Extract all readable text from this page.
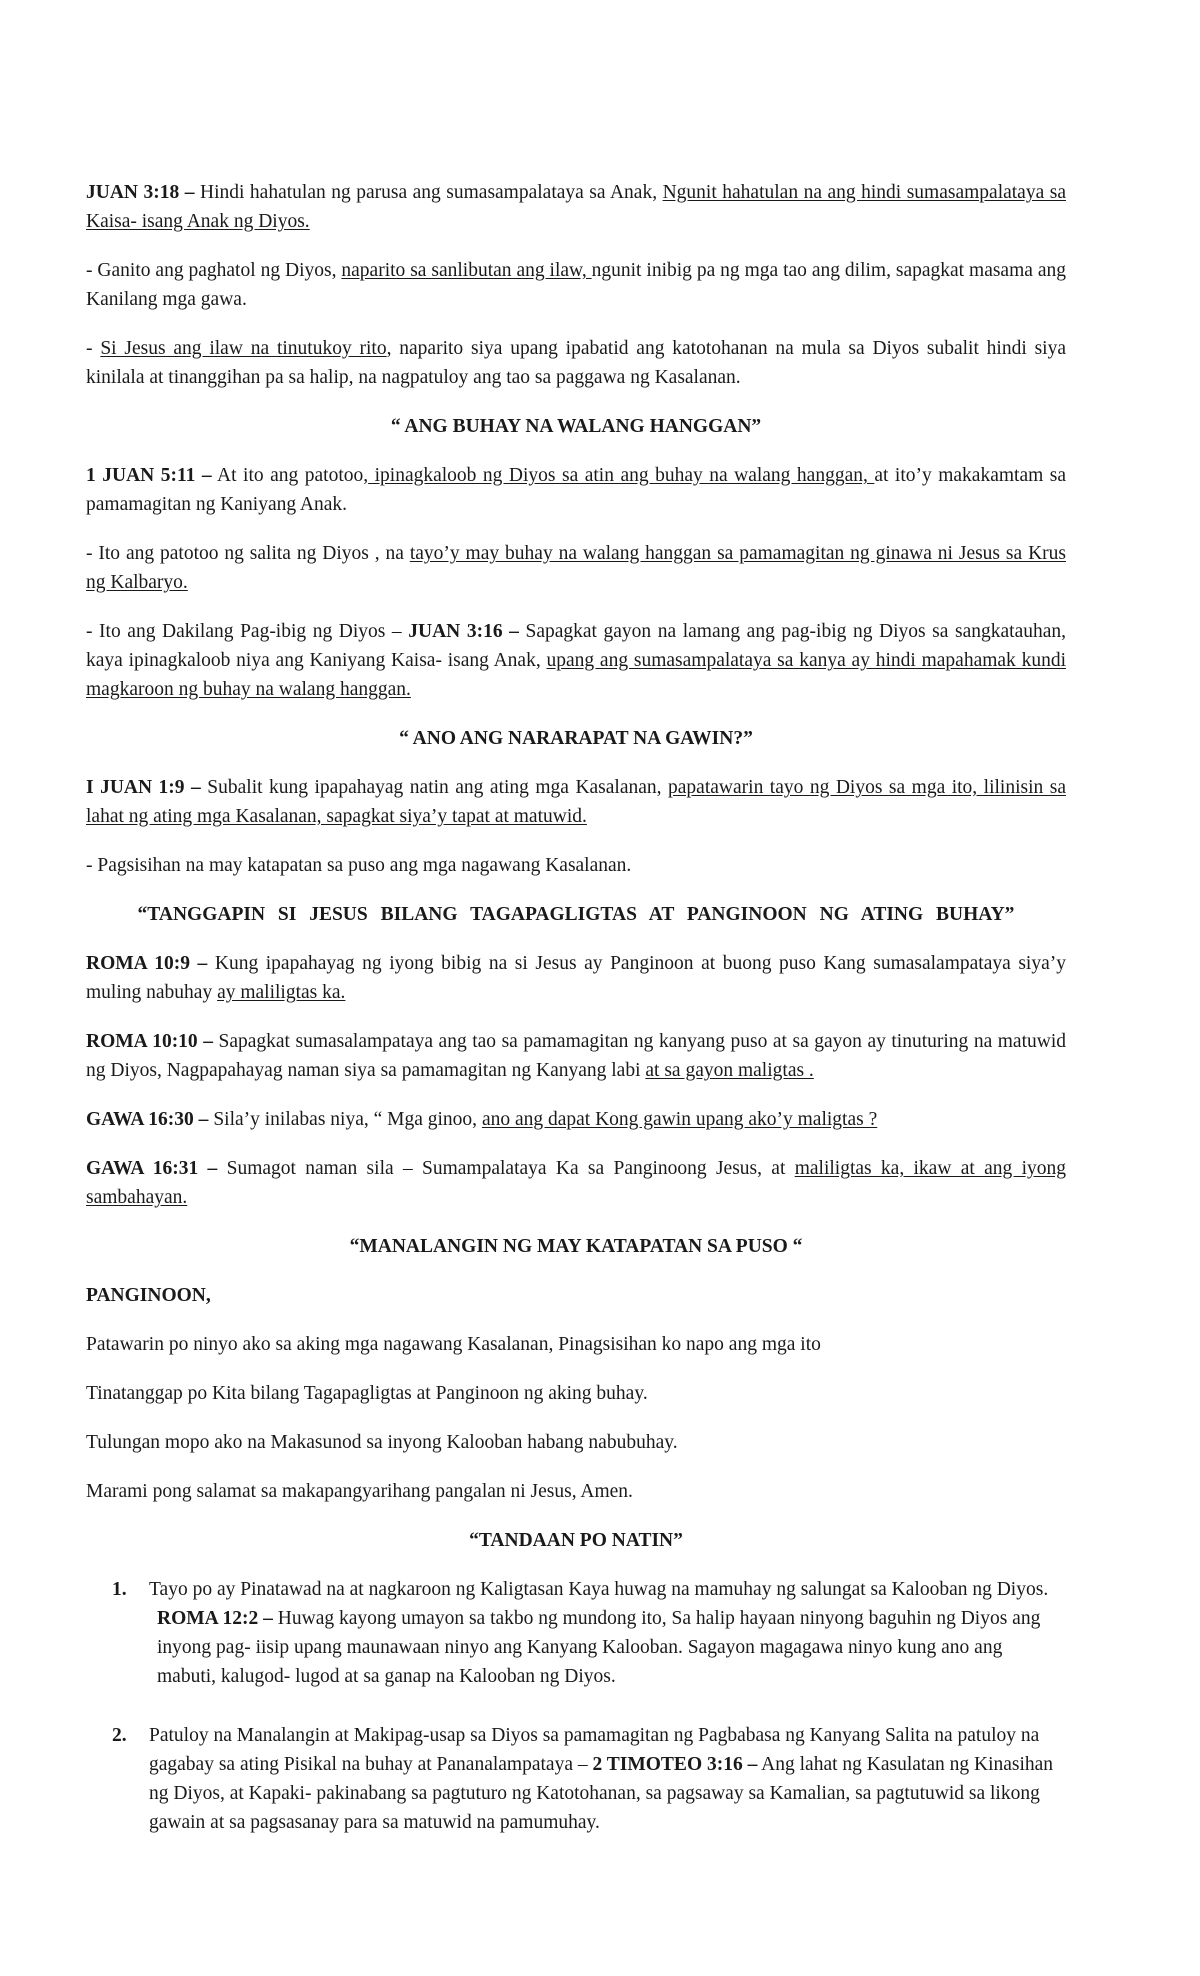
JUAN 3:18 – Hindi hahatulan ng parusa ang sumasampalataya sa Anak, Ngunit hahatulan na ang hindi sumasampalataya sa Kaisa- isang Anak ng Diyos.

- Ganito ang paghatol ng Diyos, naparito sa sanlibutan ang ilaw, ngunit inibig pa ng mga tao ang dilim, sapagkat masama ang Kanilang mga gawa.

- Si Jesus ang ilaw na tinutukoy rito, naparito siya upang ipabatid ang katotohanan na mula sa Diyos subalit hindi siya kinilala at tinanggihan pa sa halip, na nagpatuloy ang tao sa paggawa ng Kasalanan.

“ ANG BUHAY NA WALANG HANGGAN”

1 JUAN 5:11 – At ito ang patotoo, ipinagkaloob ng Diyos sa atin ang buhay na walang hanggan, at ito’y makakamtam sa pamamagitan ng Kaniyang Anak.

- Ito ang patotoo ng salita ng Diyos , na tayo’y may buhay na walang hanggan sa pamamagitan ng ginawa ni Jesus sa Krus ng Kalbaryo.

- Ito ang Dakilang Pag-ibig ng Diyos – JUAN 3:16 – Sapagkat gayon na lamang ang pag-ibig ng Diyos sa sangkatauhan, kaya ipinagkaloob niya ang Kaniyang Kaisa- isang Anak, upang ang sumasampalataya sa kanya ay hindi mapahamak kundi magkaroon ng buhay na walang hanggan.

“ ANO ANG NARARAPAT NA GAWIN?”

I JUAN 1:9 – Subalit kung ipapahayag natin ang ating mga Kasalanan, papatawarin tayo ng Diyos sa mga ito, lilinisin sa lahat ng ating mga Kasalanan, sapagkat siya’y tapat at matuwid.

- Pagsisihan na may katapatan sa puso ang mga nagawang Kasalanan.

“TANGGAPIN SI JESUS BILANG TAGAPAGLIGTAS AT PANGINOON NG ATING BUHAY”

ROMA 10:9 – Kung ipapahayag ng iyong bibig na si Jesus ay Panginoon at buong puso Kang sumasalampataya siya’y muling nabuhay ay maliligtas ka.

ROMA 10:10 – Sapagkat sumasalampataya ang tao sa pamamagitan ng kanyang puso at sa gayon ay tinuturing na matuwid ng Diyos, Nagpapahayag naman siya sa pamamagitan ng Kanyang labi at sa gayon maligtas .

GAWA 16:30 – Sila’y inilabas niya, “ Mga ginoo, ano ang dapat Kong gawin upang ako’y maligtas ?

GAWA 16:31 – Sumagot naman sila – Sumampalataya Ka sa Panginoong Jesus, at maliligtas ka, ikaw at ang iyong sambahayan.

“MANALANGIN NG MAY KATAPATAN SA PUSO “

PANGINOON,

Patawarin po ninyo ako sa aking mga nagawang Kasalanan, Pinagsisihan ko napo ang mga ito

Tinatanggap po Kita bilang Tagapagligtas at Panginoon ng aking buhay.

Tulungan mopo ako na Makasunod sa inyong Kalooban habang nabubuhay.

Marami pong salamat sa makapangyarihang pangalan ni Jesus, Amen.

“TANDAAN PO NATIN”
1. Tayo po ay Pinatawad na at nagkaroon ng Kaligtasan Kaya huwag na mamuhay ng salungat sa Kalooban ng Diyos.
ROMA 12:2 – Huwag kayong umayon sa takbo ng mundong ito, Sa halip hayaan ninyong baguhin ng Diyos ang inyong pag- iisip upang maunawaan ninyo ang Kanyang Kalooban. Sagayon magagawa ninyo kung ano ang mabuti, kalugod- lugod at sa ganap na Kalooban ng Diyos.
2. Patuloy na Manalangin at Makipag-usap sa Diyos sa pamamagitan ng Pagbabasa ng Kanyang Salita na patuloy na gagabay sa ating Pisikal na buhay at Pananalampataya – 2 TIMOTEO 3:16 – Ang lahat ng Kasulatan ng Kinasihan ng Diyos, at Kapaki- pakinabang sa pagtuturo ng Katotohanan, sa pagsaway sa Kamalian, sa pagtutuwid sa likong gawain at sa pagsasanay para sa matuwid na pamumuhay.
